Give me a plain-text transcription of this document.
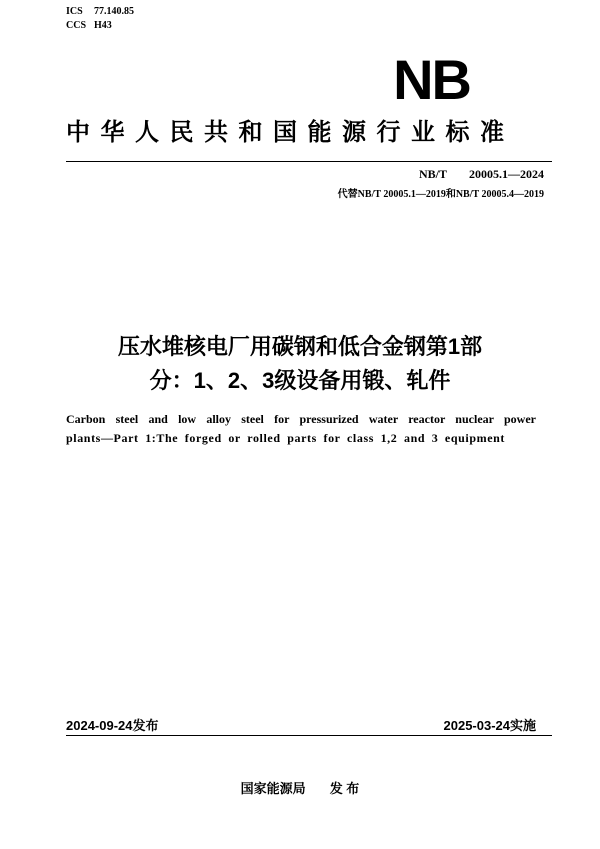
ICS 77.140.85
CCS H43
NB
中华人民共和国能源行业标准
NB/T 20005.1—2024
代替NB/T 20005.1—2019和NB/T 20005.4—2019
压水堆核电厂用碳钢和低合金钢第1部
分：1、2、3级设备用锻、轧件
Carbon steel and low alloy steel for pressurized water reactor nuclear power
plants—Part 1:The forged or rolled parts for class 1,2 and 3 equipment
2024-09-24发布	2025-03-24实施
国家能源局 发 布
